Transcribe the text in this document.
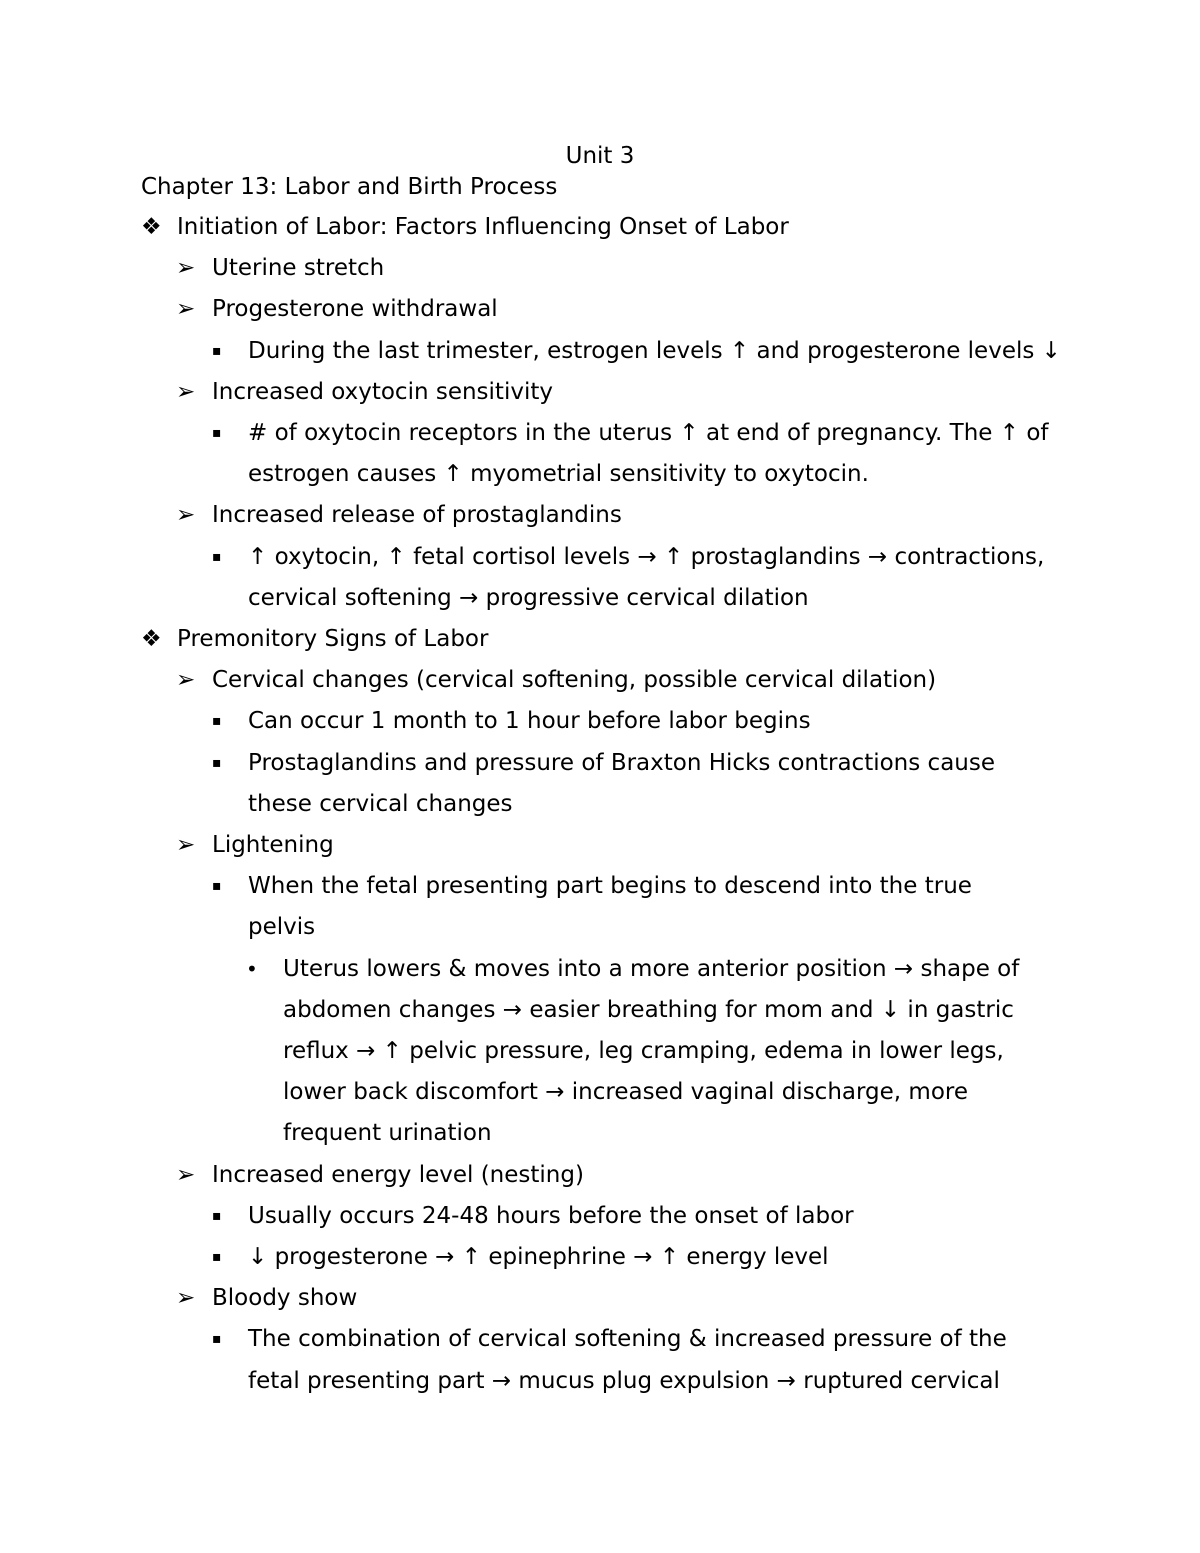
Unit 3
Chapter 13: Labor and Birth Process
❖ Initiation of Labor: Factors Influencing Onset of Labor
➢ Uterine stretch
➢ Progesterone withdrawal
▪ During the last trimester, estrogen levels ↑ and progesterone levels ↓
➢ Increased oxytocin sensitivity
▪ # of oxytocin receptors in the uterus ↑ at end of pregnancy. The ↑ of
estrogen causes ↑ myometrial sensitivity to oxytocin.
➢ Increased release of prostaglandins
▪ ↑ oxytocin, ↑ fetal cortisol levels → ↑ prostaglandins → contractions,
cervical softening → progressive cervical dilation
❖ Premonitory Signs of Labor
➢ Cervical changes (cervical softening, possible cervical dilation)
▪ Can occur 1 month to 1 hour before labor begins
▪ Prostaglandins and pressure of Braxton Hicks contractions cause
these cervical changes
➢ Lightening
▪ When the fetal presenting part begins to descend into the true
pelvis
• Uterus lowers & moves into a more anterior position → shape of
abdomen changes → easier breathing for mom and ↓ in gastric
reflux → ↑ pelvic pressure, leg cramping, edema in lower legs,
lower back discomfort → increased vaginal discharge, more
frequent urination
➢ Increased energy level (nesting)
▪ Usually occurs 24-48 hours before the onset of labor
▪ ↓ progesterone → ↑ epinephrine → ↑ energy level
➢ Bloody show
▪ The combination of cervical softening & increased pressure of the
fetal presenting part → mucus plug expulsion → ruptured cervical
